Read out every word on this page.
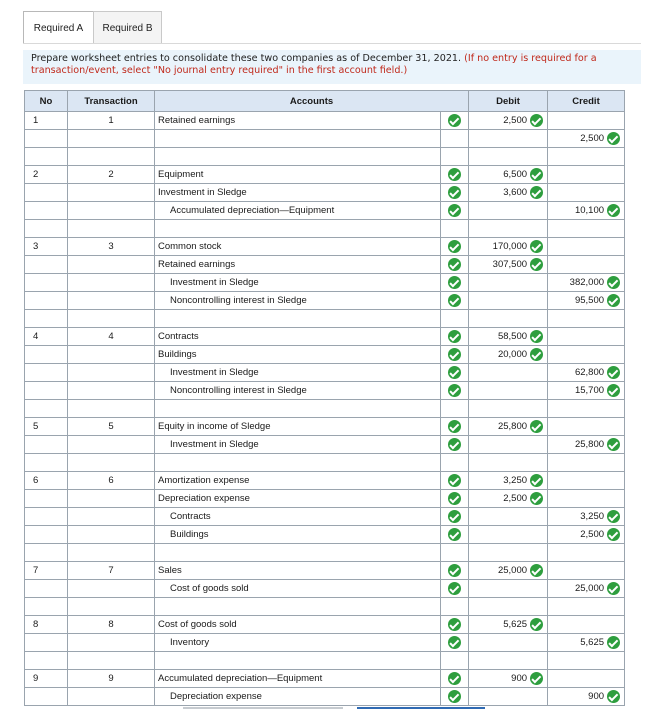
Required A	Required B
Prepare worksheet entries to consolidate these two companies as of December 31, 2021. (If no entry is required for a transaction/event, select "No journal entry required" in the first account field.)
No	Transaction	Accounts		Debit	Credit
1	1	Retained earnings		2,500	
					2,500

2	2	Equipment		6,500	
		Investment in Sledge		3,600	
		Accumulated depreciation—Equipment			10,100

3	3	Common stock		170,000	
		Retained earnings		307,500	
		Investment in Sledge			382,000
		Noncontrolling interest in Sledge			95,500

4	4	Contracts		58,500	
		Buildings		20,000	
		Investment in Sledge			62,800
		Noncontrolling interest in Sledge			15,700

5	5	Equity in income of Sledge		25,800	
		Investment in Sledge			25,800

6	6	Amortization expense		3,250	
		Depreciation expense		2,500	
		Contracts			3,250
		Buildings			2,500

7	7	Sales		25,000	
		Cost of goods sold			25,000

8	8	Cost of goods sold		5,625	
		Inventory			5,625

9	9	Accumulated depreciation—Equipment		900	
		Depreciation expense			900
